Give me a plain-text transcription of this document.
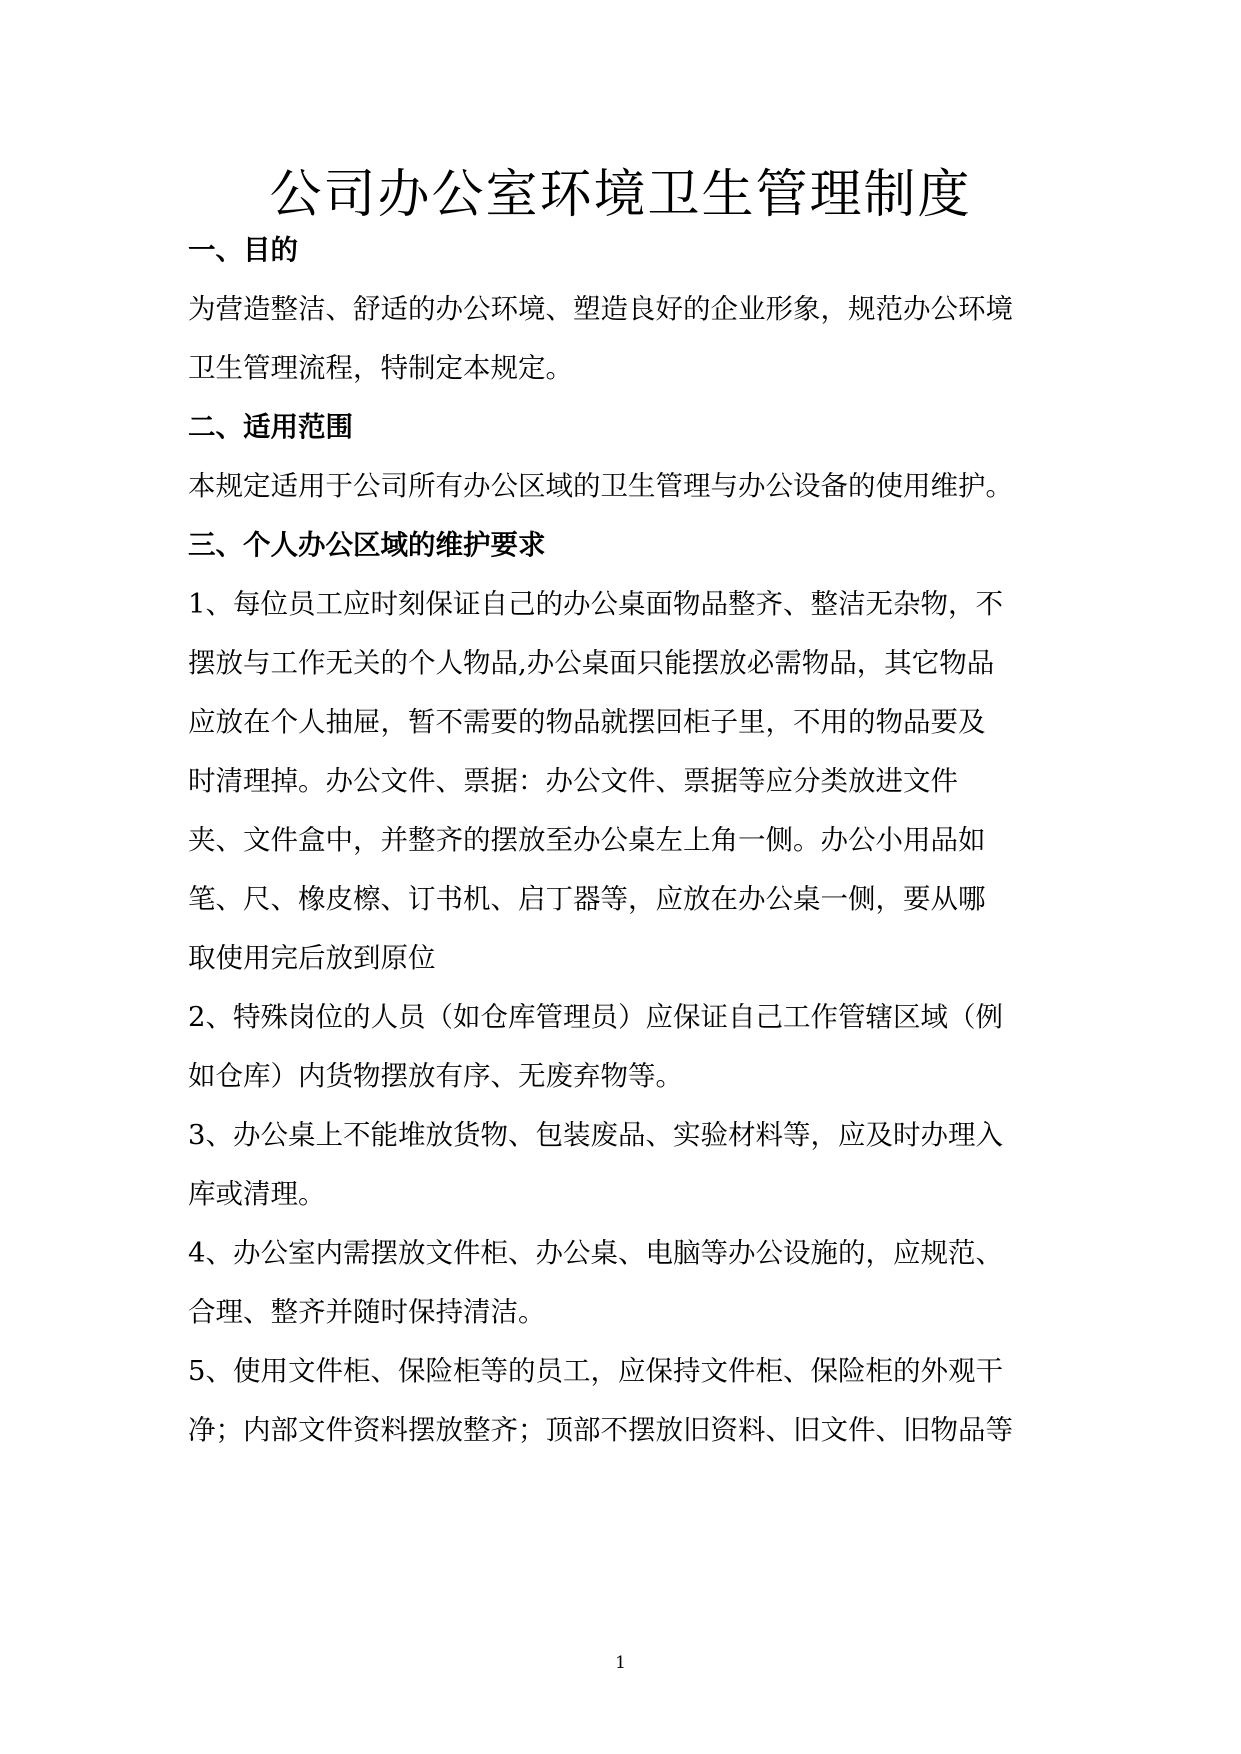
公司办公室环境卫生管理制度

一、目的

为营造整洁、舒适的办公环境、塑造良好的企业形象，规范办公环境

卫生管理流程，特制定本规定。

二、适用范围

本规定适用于公司所有办公区域的卫生管理与办公设备的使用维护。

三、个人办公区域的维护要求

1、每位员工应时刻保证自己的办公桌面物品整齐、整洁无杂物，不

摆放与工作无关的个人物品,办公桌面只能摆放必需物品，其它物品

应放在个人抽屉，暂不需要的物品就摆回柜子里，不用的物品要及

时清理掉。办公文件、票据：办公文件、票据等应分类放进文件

夹、文件盒中，并整齐的摆放至办公桌左上角一侧。办公小用品如

笔、尺、橡皮檫、订书机、启丁器等，应放在办公桌一侧，要从哪

取使用完后放到原位

2、特殊岗位的人员（如仓库管理员）应保证自己工作管辖区域（例

如仓库）内货物摆放有序、无废弃物等。

3、办公桌上不能堆放货物、包装废品、实验材料等，应及时办理入

库或清理。

4、办公室内需摆放文件柜、办公桌、电脑等办公设施的，应规范、

合理、整齐并随时保持清洁。

5、使用文件柜、保险柜等的员工，应保持文件柜、保险柜的外观干

净；内部文件资料摆放整齐；顶部不摆放旧资料、旧文件、旧物品等

1
